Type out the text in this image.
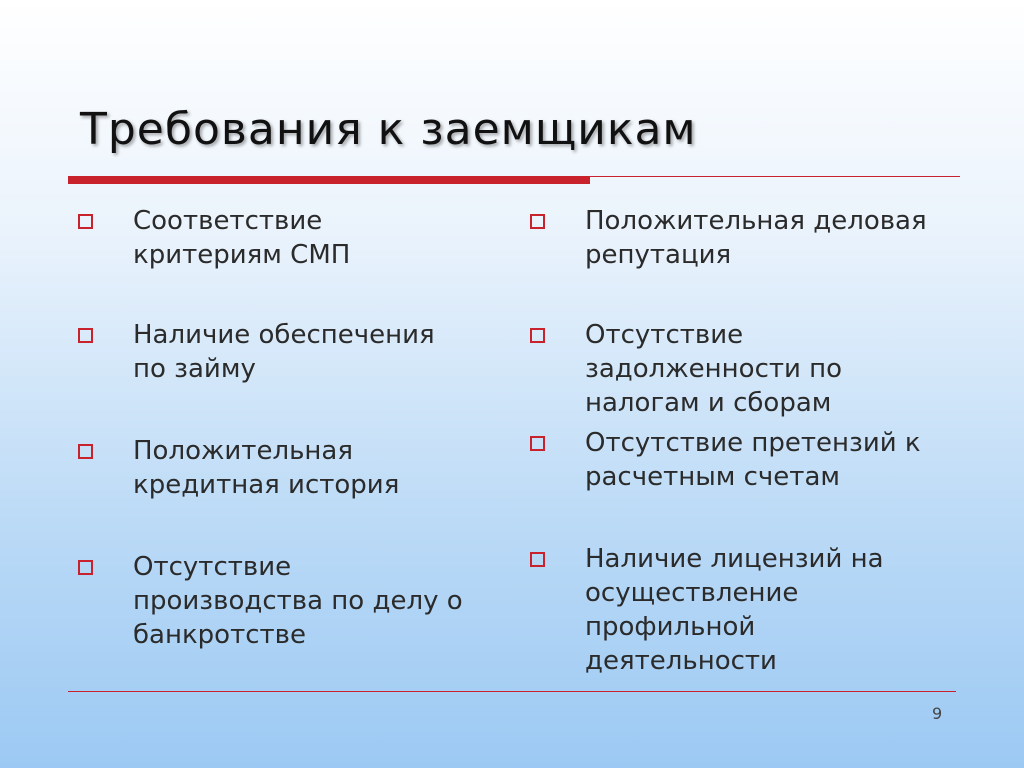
Требования к заемщикам
Соответствие
критериям СМП
Наличие обеспечения
по займу
Положительная
кредитная история
Отсутствие
производства по делу о
банкротстве
Положительная деловая
репутация
Отсутствие
задолженности по
налогам и сборам
Отсутствие претензий к
расчетным счетам
Наличие лицензий на
осуществление
профильной
деятельности
9
